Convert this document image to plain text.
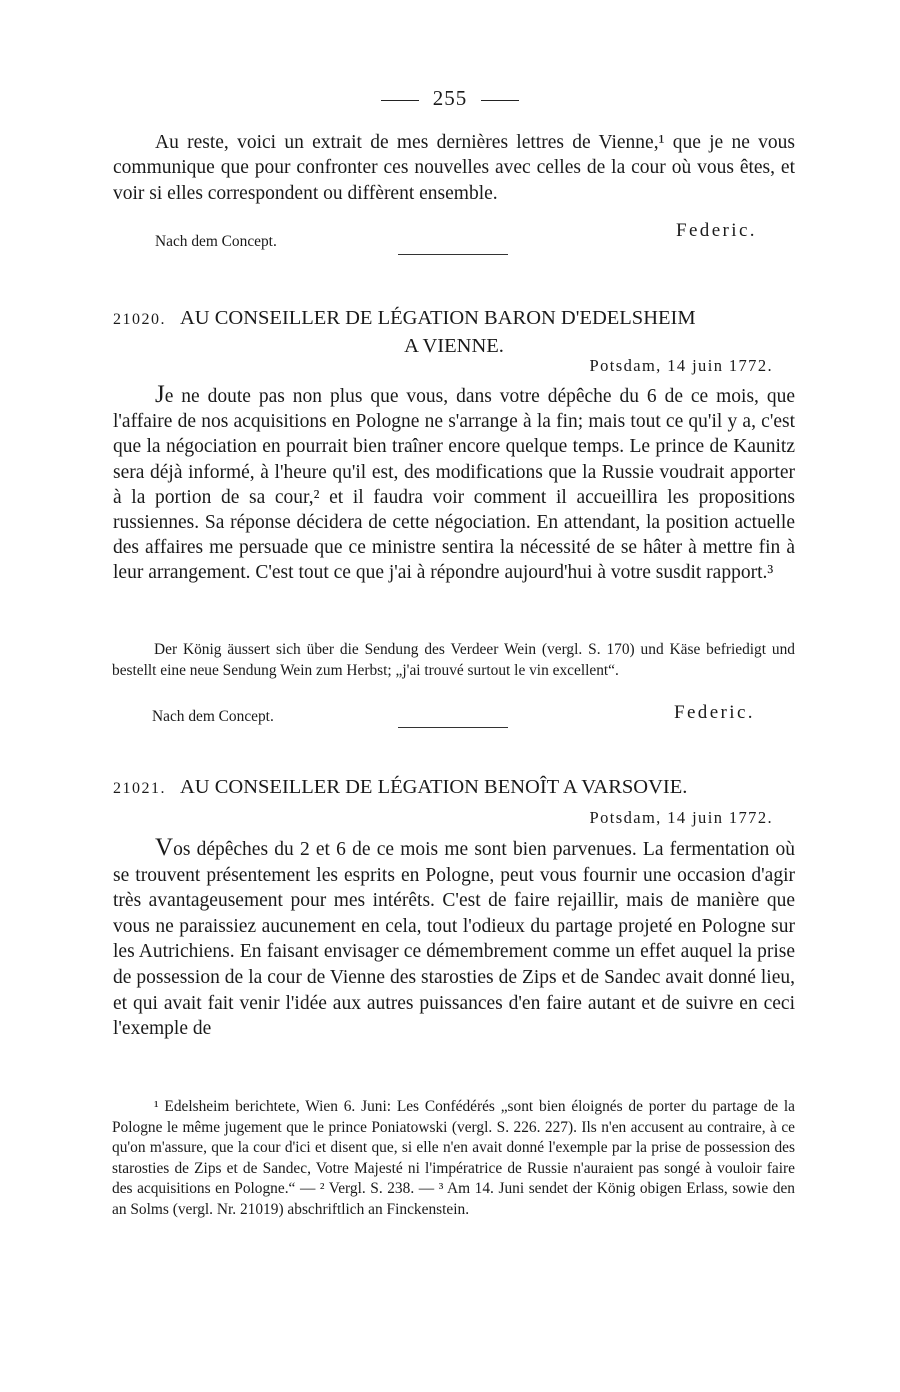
255
Au reste, voici un extrait de mes dernières lettres de Vienne,¹ que je ne vous communique que pour confronter ces nouvelles avec celles de la cour où vous êtes, et voir si elles correspondent ou diffèrent ensemble.
Federic.
Nach dem Concept.
21020. AU CONSEILLER DE LÉGATION BARON D'EDELSHEIM
A VIENNE.
Potsdam, 14 juin 1772.
Je ne doute pas non plus que vous, dans votre dépêche du 6 de ce mois, que l'affaire de nos acquisitions en Pologne ne s'arrange à la fin; mais tout ce qu'il y a, c'est que la négociation en pourrait bien traîner encore quelque temps. Le prince de Kaunitz sera déjà informé, à l'heure qu'il est, des modifications que la Russie voudrait apporter à la portion de sa cour,² et il faudra voir comment il accueillira les propositions russiennes. Sa réponse décidera de cette négociation. En attendant, la position actuelle des affaires me persuade que ce ministre sentira la nécessité de se hâter à mettre fin à leur arrangement. C'est tout ce que j'ai à répondre aujourd'hui à votre susdit rapport.³
Der König äussert sich über die Sendung des Verdeer Wein (vergl. S. 170) und Käse befriedigt und bestellt eine neue Sendung Wein zum Herbst; „j'ai trouvé surtout le vin excellent“.
Nach dem Concept.	Federic.
21021. AU CONSEILLER DE LÉGATION BENOÎT A VARSOVIE.
Potsdam, 14 juin 1772.
Vos dépêches du 2 et 6 de ce mois me sont bien parvenues. La fermentation où se trouvent présentement les esprits en Pologne, peut vous fournir une occasion d'agir très avantageusement pour mes intérêts. C'est de faire rejaillir, mais de manière que vous ne paraissiez aucunement en cela, tout l'odieux du partage projeté en Pologne sur les Autrichiens. En faisant envisager ce démembrement comme un effet auquel la prise de possession de la cour de Vienne des starosties de Zips et de Sandec avait donné lieu, et qui avait fait venir l'idée aux autres puissances d'en faire autant et de suivre en ceci l'exemple de
¹ Edelsheim berichtete, Wien 6. Juni: Les Confédérés „sont bien éloignés de porter du partage de la Pologne le même jugement que le prince Poniatowski (vergl. S. 226. 227). Ils n'en accusent au contraire, à ce qu'on m'assure, que la cour d'ici et disent que, si elle n'en avait donné l'exemple par la prise de possession des starosties de Zips et de Sandec, Votre Majesté ni l'impératrice de Russie n'auraient pas songé à vouloir faire des acquisitions en Pologne.“ — ² Vergl. S. 238. — ³ Am 14. Juni sendet der König obigen Erlass, sowie den an Solms (vergl. Nr. 21019) abschriftlich an Finckenstein.
